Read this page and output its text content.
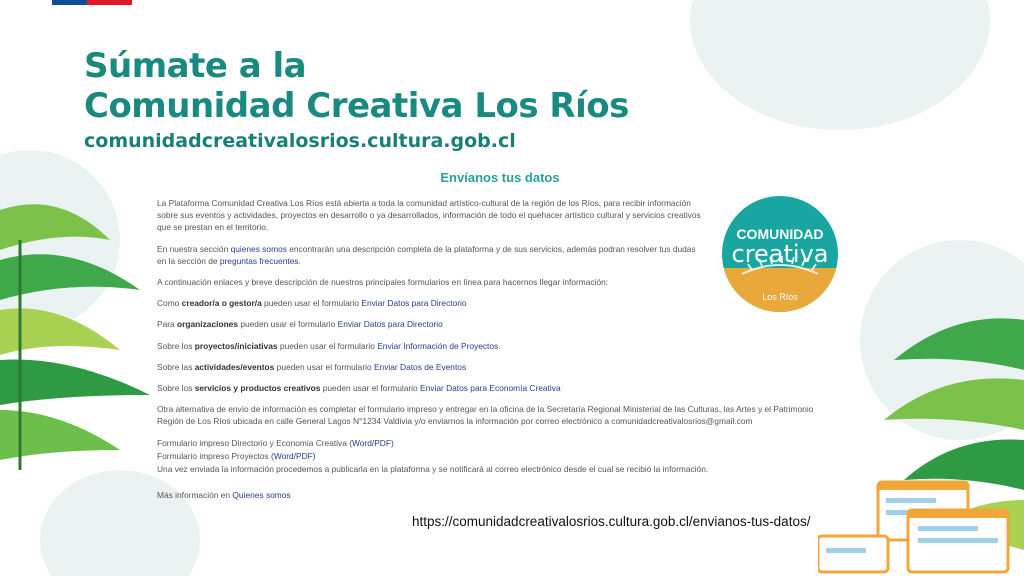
Súmate a la
Comunidad Creativa Los Ríos
comunidadcreativalosrios.cultura.gob.cl
Envíanos tus datos

La Plataforma Comunidad Creativa Los Ríos está abierta a toda la comunidad artístico-cultural de la región de los Ríos, para recibir información sobre sus eventos y actividades, proyectos en desarrollo o ya desarrollados, información de todo el quehacer artístico cultural y servicios creativos que se prestan en el territorio.

En nuestra sección quienes somos encontrarán una descripción completa de la plataforma y de sus servicios, además podran resolver tus dudas en la sección de preguntas frecuentes.

A continuación enlaces y breve descripción de nuestros principales formularios en línea para hacernos llegar información:

Como creador/a o gestor/a pueden usar el formulario Enviar Datos para Directorio

Para organizaciones pueden usar el formulario Enviar Datos para Directorio

Sobre los proyectos/iniciativas pueden usar el formulario Enviar Información de Proyectos.

Sobre las actividades/eventos pueden usar el formulario Enviar Datos de Eventos

Sobre los servicios y productos creativos pueden usar el formulario Enviar Datos para Economía Creativa

Otra alternativa de envío de información es completar el formulario impreso y entregar en la oficina de la Secretaría Regional Ministerial de las Culturas, las Artes y el Patrimonio Región de Los Ríos ubicada en calle General Lagos N°1234 Valdivia y/o enviarnos la información por correo electrónico a comunidadcreativalosrios@gmail.com

Formulario impreso Directorio y Economia Creativa (Word/PDF)

Formulario impreso Proyectos (Word/PDF)

Una vez enviada la información procedemos a publicarla en la plataforma y se notificará al correo electrónico desde el cual se recibió la información.

Más información en Quienes somos

COMUNIDAD
creativa
Los Ríos
https://comunidadcreativalosrios.cultura.gob.cl/envianos-tus-datos/
